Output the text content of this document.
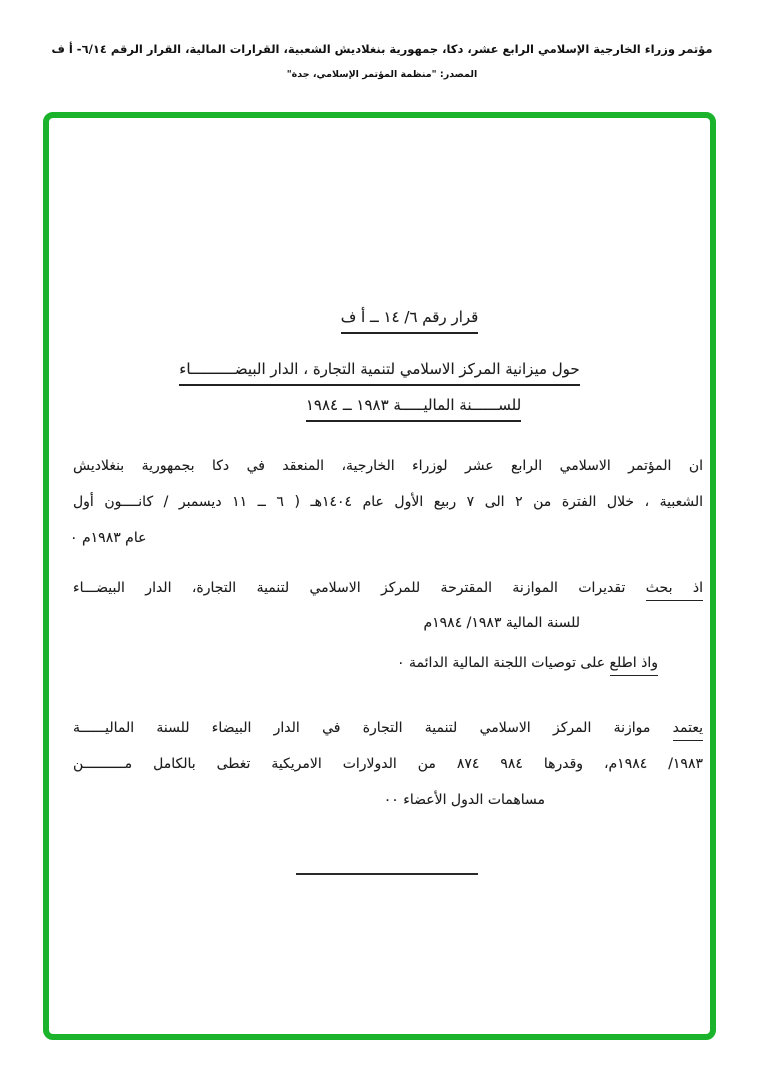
مؤتمر وزراء الخارجية الإسلامي الرابع عشر، دكا، جمهورية بنغلاديش الشعبية، القرارات المالية، القرار الرقم ٦/١٤- أ ف
المصدر: "منظمة المؤتمر الإسلامي، جدة"
قرار رقم ٦/ ١٤ ــ أ ف
حول ميزانية المركز الاسلامي لتنمية التجارة ، الدار البيضــــــــــاء
للســــــنة الماليـــــة ١٩٨٣ ــ ١٩٨٤
ان المؤتمر الاسلامي الرابع عشر لوزراء الخارجية، المنعقد في دكا بجمهورية بنغلاديش
الشعبية ، خلال الفترة من ٢ الى ٧ ربيع الأول عام ١٤٠٤هـ ( ٦ ــ ١١ ديسمبر / كانــــون أول
عام ١٩٨٣م ٠
اذ بحث تقديرات الموازنة المقترحة للمركز الاسلامي لتنمية التجارة، الدار البيضـــاء
للسنة المالية ١٩٨٣/ ١٩٨٤م
واذ اطلع على توصيات اللجنة المالية الدائمة ٠
يعتمد موازنة المركز الاسلامي لتنمية التجارة في الدار البيضاء للسنة الماليــــــة
١٩٨٣/ ١٩٨٤م، وقدرها ٨٧٤ ٩٨٤ من الدولارات الامريكية تغطى بالكامل مــــــــــن
مساهمات الدول الأعضاء ٠٠
